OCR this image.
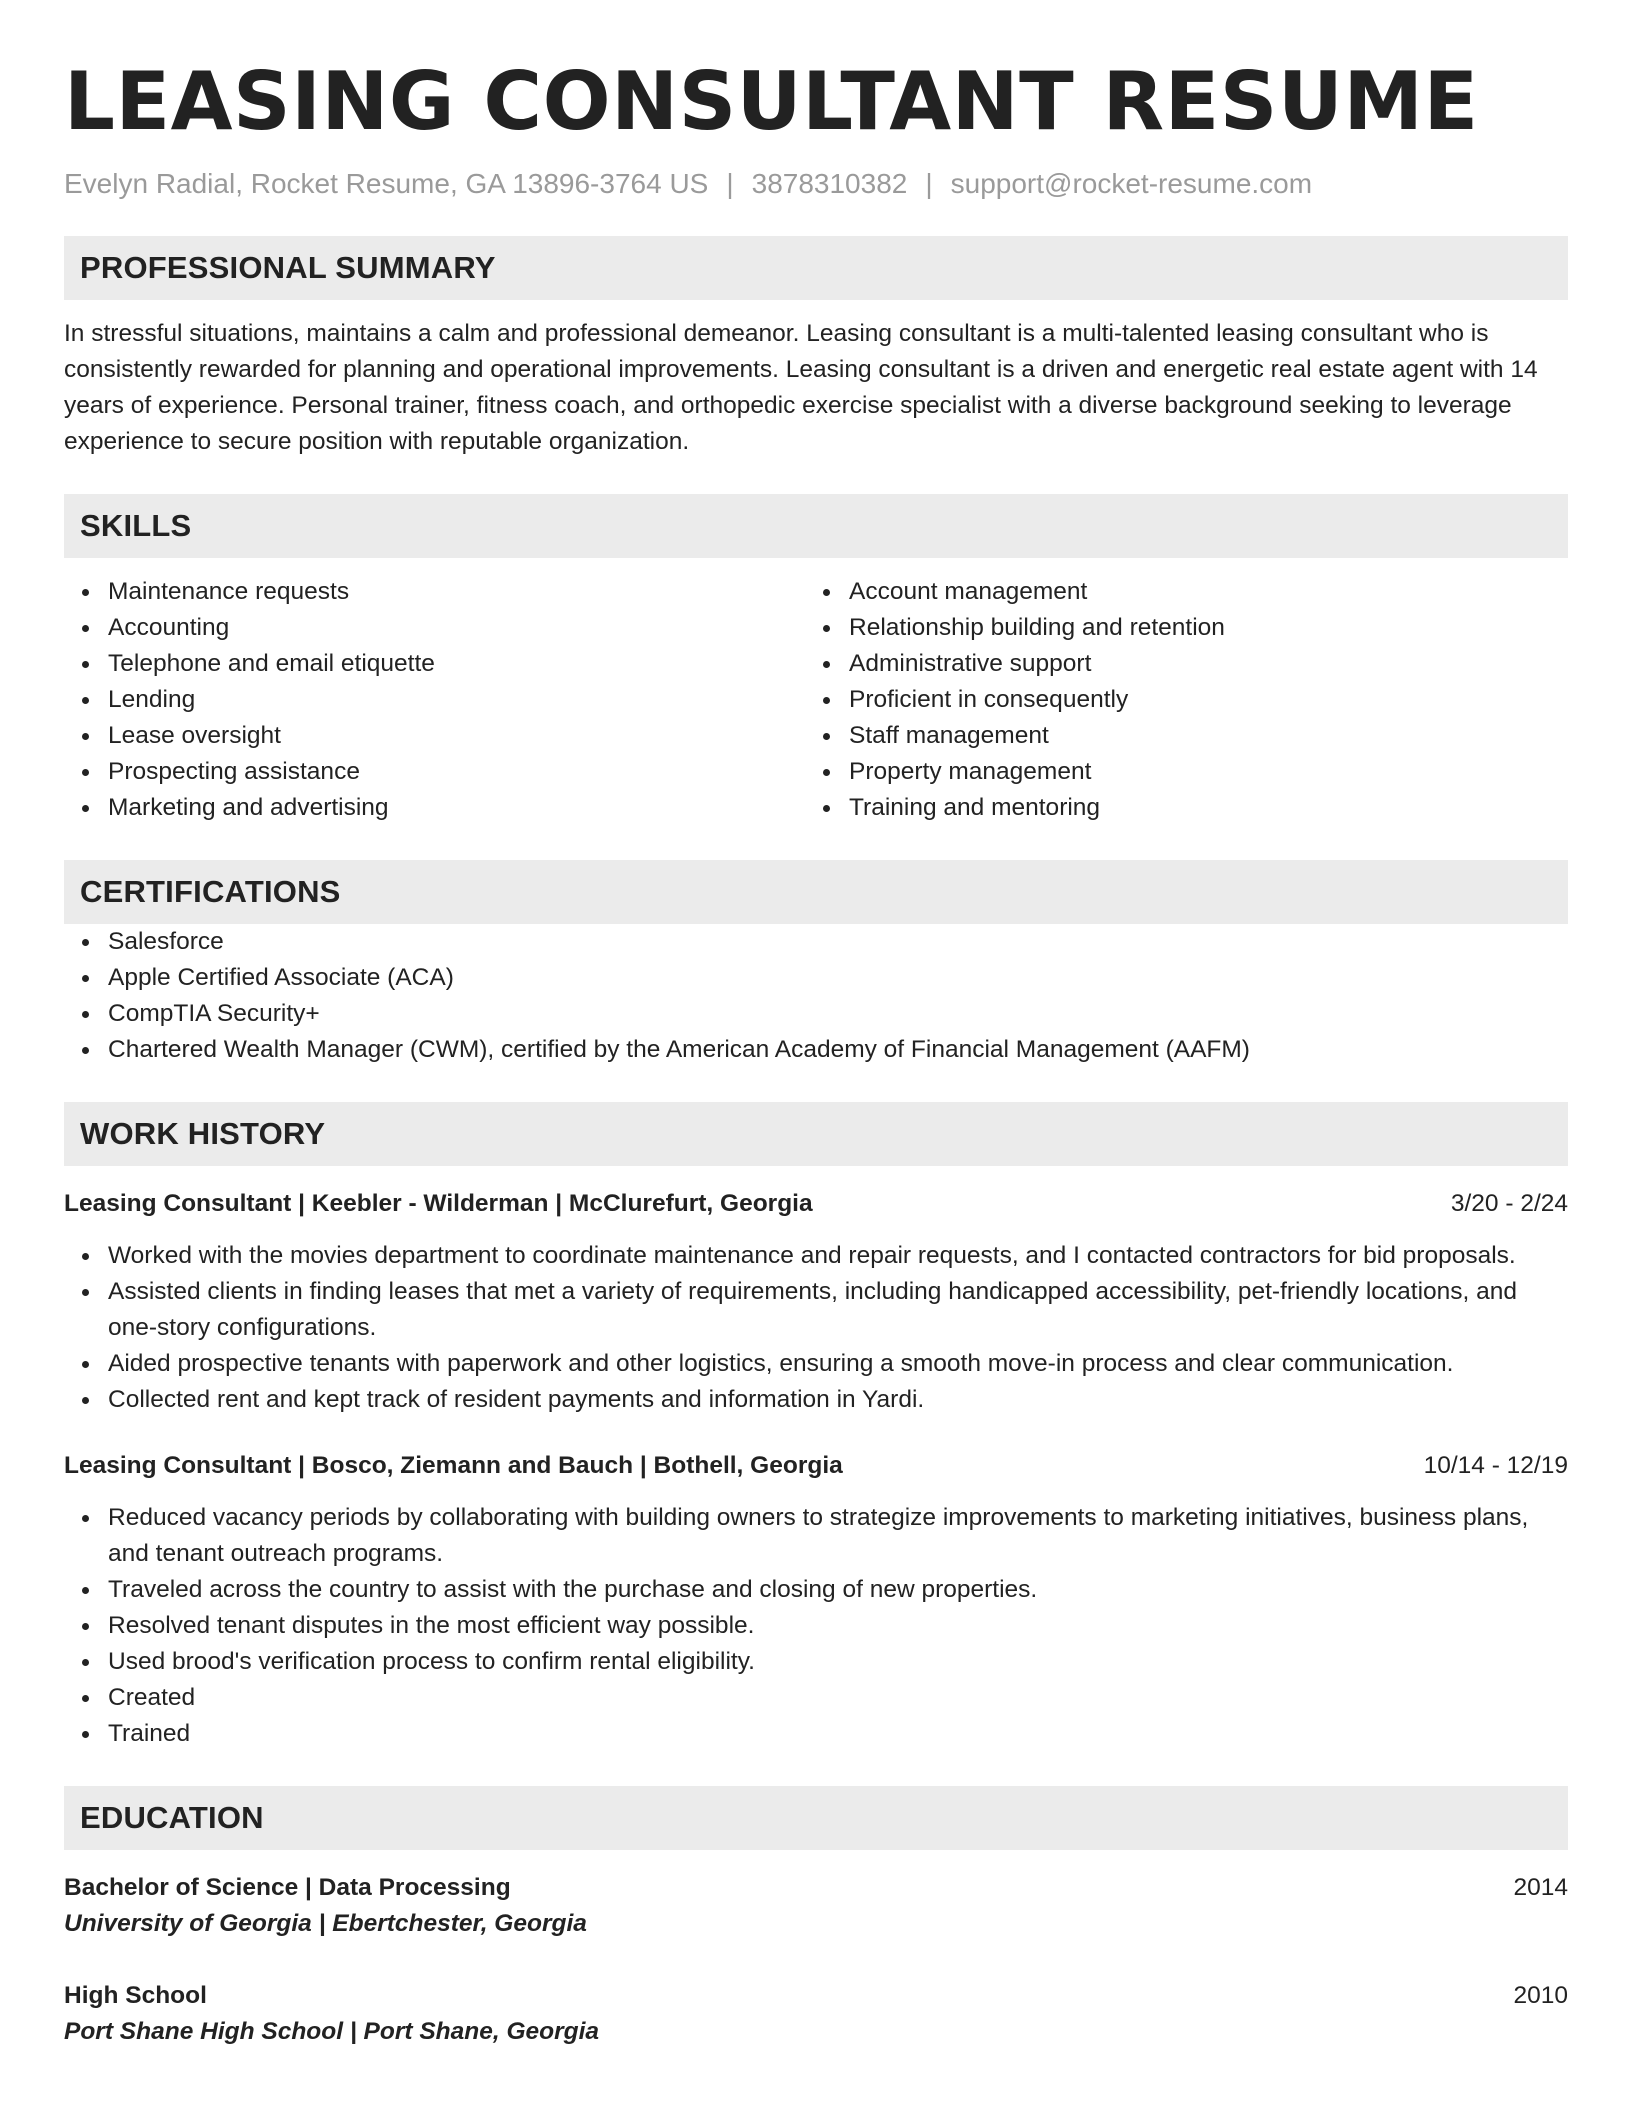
LEASING CONSULTANT RESUME
Evelyn Radial, Rocket Resume, GA 13896-3764 US | 3878310382 | support@rocket-resume.com
PROFESSIONAL SUMMARY
In stressful situations, maintains a calm and professional demeanor. Leasing consultant is a multi-talented leasing consultant who is consistently rewarded for planning and operational improvements. Leasing consultant is a driven and energetic real estate agent with 14 years of experience. Personal trainer, fitness coach, and orthopedic exercise specialist with a diverse background seeking to leverage experience to secure position with reputable organization.
SKILLS
Maintenance requests
Accounting
Telephone and email etiquette
Lending
Lease oversight
Prospecting assistance
Marketing and advertising
Account management
Relationship building and retention
Administrative support
Proficient in consequently
Staff management
Property management
Training and mentoring
CERTIFICATIONS
Salesforce
Apple Certified Associate (ACA)
CompTIA Security+
Chartered Wealth Manager (CWM), certified by the American Academy of Financial Management (AAFM)
WORK HISTORY
Leasing Consultant | Keebler - Wilderman | McClurefurt, Georgia	3/20 - 2/24
Worked with the movies department to coordinate maintenance and repair requests, and I contacted contractors for bid proposals.
Assisted clients in finding leases that met a variety of requirements, including handicapped accessibility, pet-friendly locations, and one-story configurations.
Aided prospective tenants with paperwork and other logistics, ensuring a smooth move-in process and clear communication.
Collected rent and kept track of resident payments and information in Yardi.
Leasing Consultant | Bosco, Ziemann and Bauch | Bothell, Georgia	10/14 - 12/19
Reduced vacancy periods by collaborating with building owners to strategize improvements to marketing initiatives, business plans, and tenant outreach programs.
Traveled across the country to assist with the purchase and closing of new properties.
Resolved tenant disputes in the most efficient way possible.
Used brood's verification process to confirm rental eligibility.
Created
Trained
EDUCATION
Bachelor of Science | Data Processing	2014
University of Georgia | Ebertchester, Georgia
High School	2010
Port Shane High School | Port Shane, Georgia
